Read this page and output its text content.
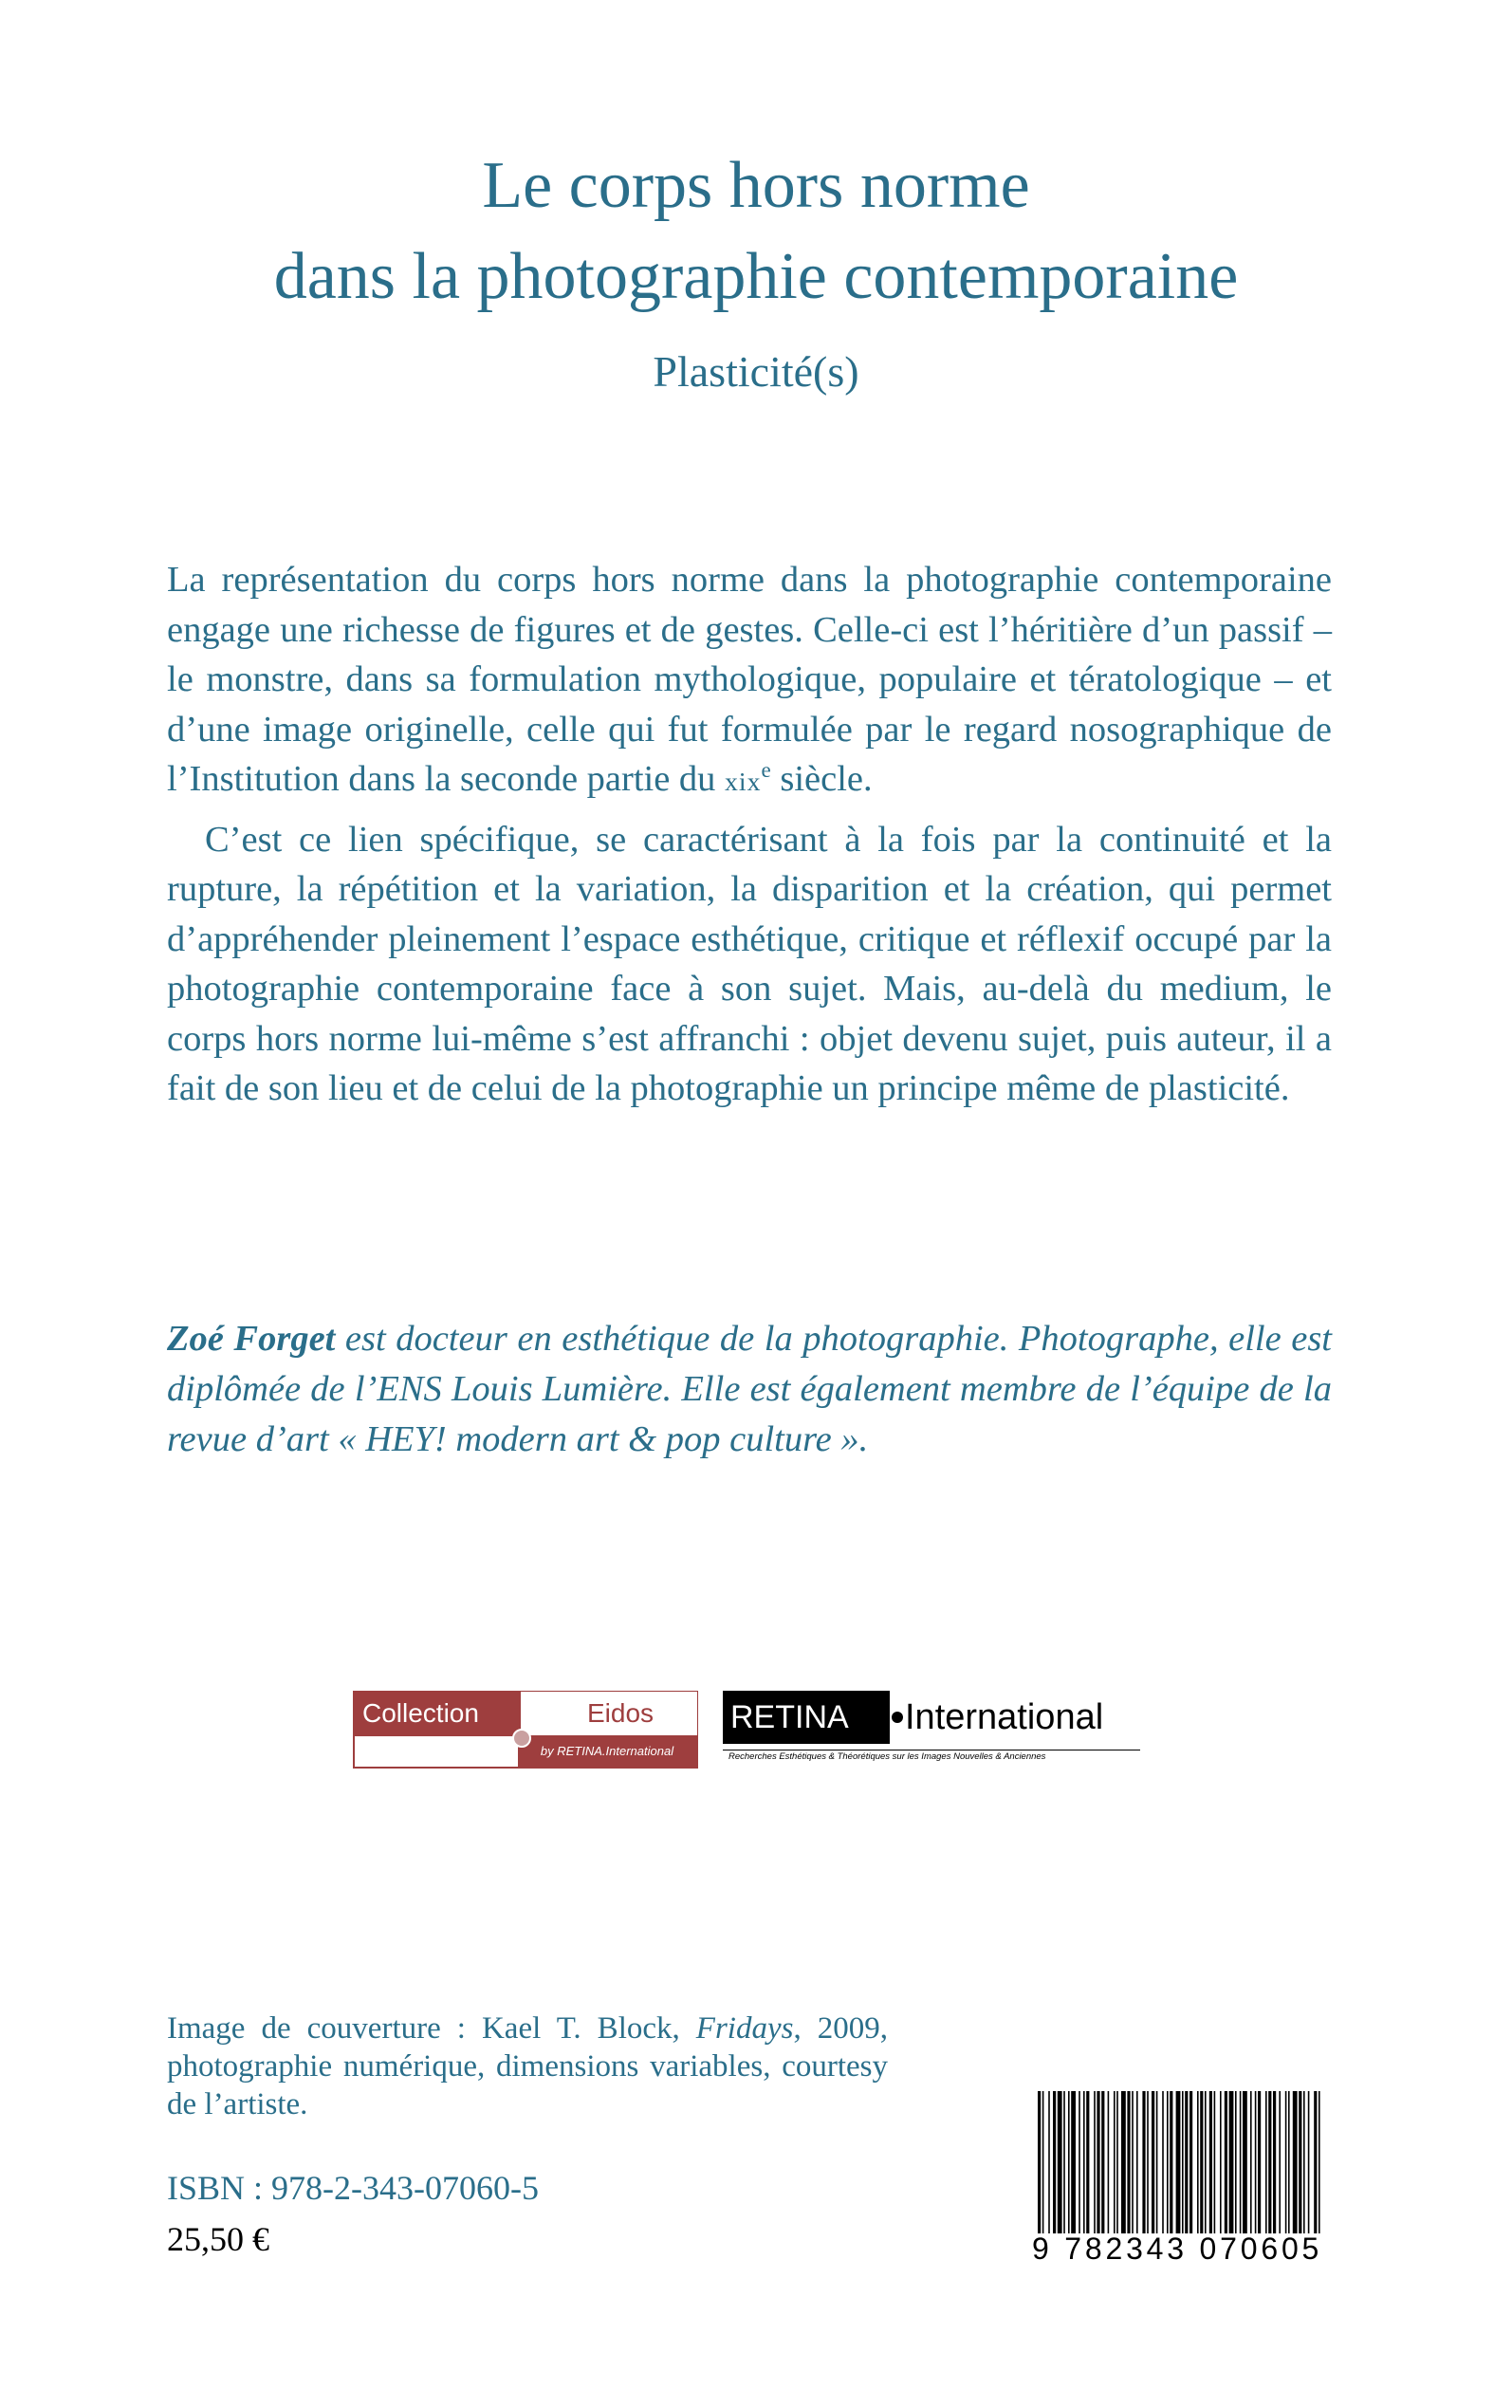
Le corps hors norme
dans la photographie contemporaine
Plasticité(s)

La représentation du corps hors norme dans la photographie contemporaine engage une richesse de figures et de gestes. Celle-ci est l’héritière d’un passif – le monstre, dans sa formulation mythologique, populaire et tératologique – et d’une image originelle, celle qui fut formulée par le regard nosographique de l’Institution dans la seconde partie du xix$^e$ siècle.

C’est ce lien spécifique, se caractérisant à la fois par la continuité et la rupture, la répétition et la variation, la disparition et la création, qui permet d’appréhender pleinement l’espace esthétique, critique et réflexif occupé par la photographie contemporaine face à son sujet. Mais, au-delà du medium, le corps hors norme lui-même s’est affranchi : objet devenu sujet, puis auteur, il a fait de son lieu et de celui de la photographie un principe même de plasticité.

Zoé Forget est docteur en esthétique de la photographie. Photographe, elle est diplômée de l’ENS Louis Lumière. Elle est également membre de l’équipe de la revue d’art « HEY! modern art & pop culture ».
Collection	Eidos
by RETINA.International
RETINA	International
Recherches Esthétiques & Théorétiques sur les Images Nouvelles & Anciennes
Image de couverture : Kael T. Block, Fridays, 2009, photographie numérique, dimensions variables, courtesy de l’artiste.
ISBN : 978-2-343-07060-5
25,50 €	9 782343 070605
